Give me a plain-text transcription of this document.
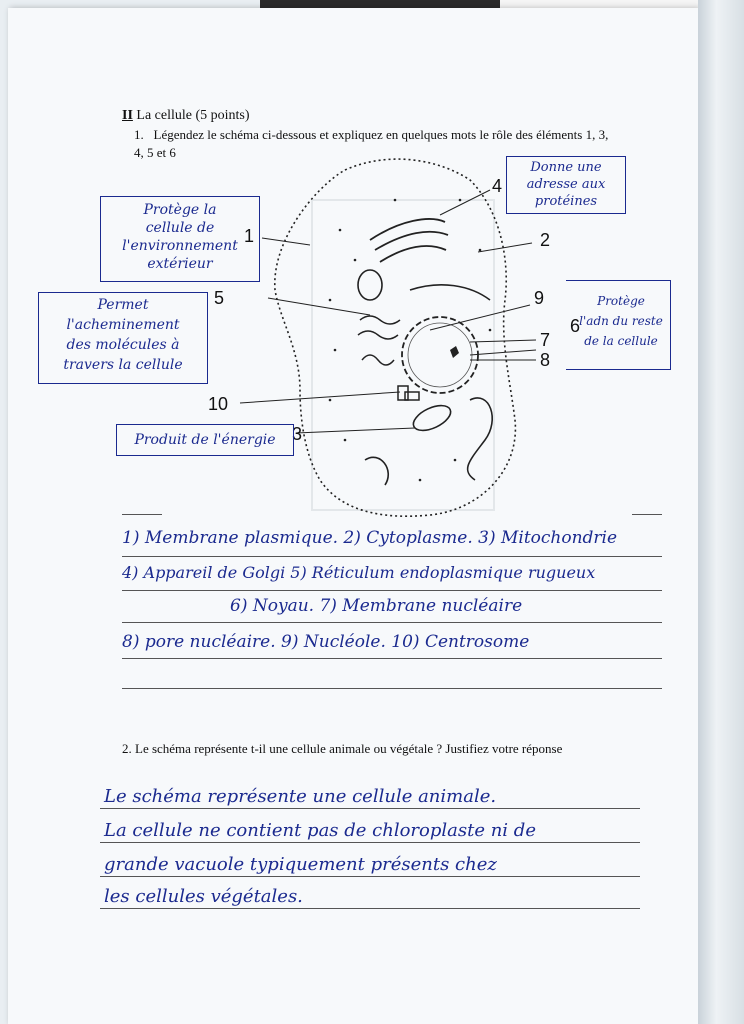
II La cellule (5 points)
1. Légendez le schéma ci-dessous et expliquez en quelques mots le rôle des éléments 1, 3,
4, 5 et 6
1	2
3
4
5
6
7
8
9
10
Protège la
cellule de
l'environnement
extérieur
Permet
l'acheminement
des molécules à
travers la cellule
Donne une
adresse aux
protéines
Protège
l'adn du reste
de la cellule
Produit de l'énergie
1) Membrane plasmique. 2) Cytoplasme. 3) Mitochondrie
4) Appareil de Golgi 5) Réticulum endoplasmique rugueux
6) Noyau. 7) Membrane nucléaire
8) pore nucléaire. 9) Nucléole. 10) Centrosome
2. Le schéma représente t-il une cellule animale ou végétale ? Justifiez votre réponse
Le schéma représente une cellule animale.
La cellule ne contient pas de chloroplaste ni de
grande vacuole typiquement présents chez
les cellules végétales.
